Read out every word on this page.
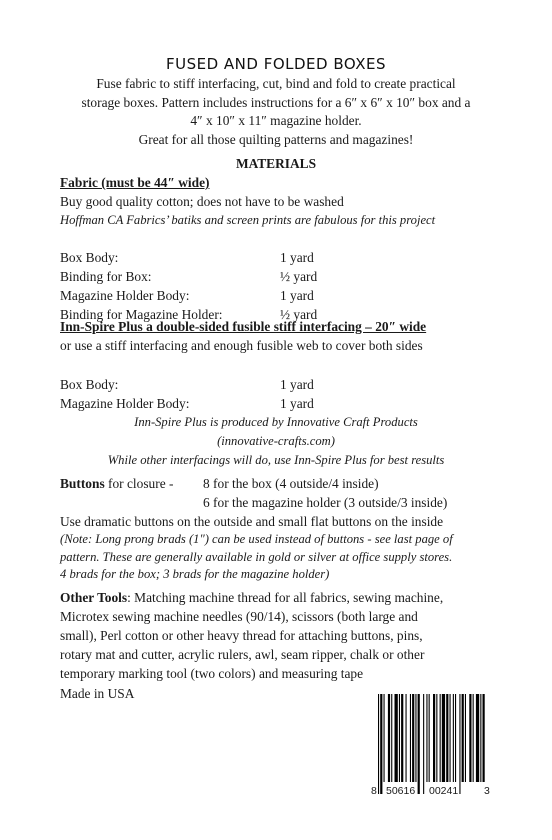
FUSED AND FOLDED BOXES
Fuse fabric to stiff interfacing, cut, bind and fold to create practical
storage boxes. Pattern includes instructions for a 6″ x 6″ x 10″ box and a
4″ x 10″ x 11″ magazine holder.
Great for all those quilting patterns and magazines!
MATERIALS
Fabric (must be 44″ wide)
Buy good quality cotton; does not have to be washed
Hoffman CA Fabrics’ batiks and screen prints are fabulous for this project
Box Body:	1 yard
Binding for Box:	½ yard
Magazine Holder Body:	1 yard
Binding for Magazine Holder:	½ yard
Inn-Spire Plus a double-sided fusible stiff interfacing – 20″ wide
or use a stiff interfacing and enough fusible web to cover both sides
Box Body:	1 yard
Magazine Holder Body:	1 yard
Inn-Spire Plus is produced by Innovative Craft Products
(innovative-crafts.com)
While other interfacings will do, use Inn-Spire Plus for best results
Buttons for closure - 8 for the box (4 outside/4 inside)
6 for the magazine holder (3 outside/3 inside)
Use dramatic buttons on the outside and small flat buttons on the inside
(Note: Long prong brads (1″) can be used instead of buttons - see last page of
pattern. These are generally available in gold or silver at office supply stores.
4 brads for the box; 3 brads for the magazine holder)
Other Tools: Matching machine thread for all fabrics, sewing machine,
Microtex sewing machine needles (90/14), scissors (both large and
small), Perl cotton or other heavy thread for attaching buttons, pins,
rotary mat and cutter, acrylic rulers, awl, seam ripper, chalk or other
temporary marking tool (two colors) and measuring tape
Made in USA
8 50616 00241 3
